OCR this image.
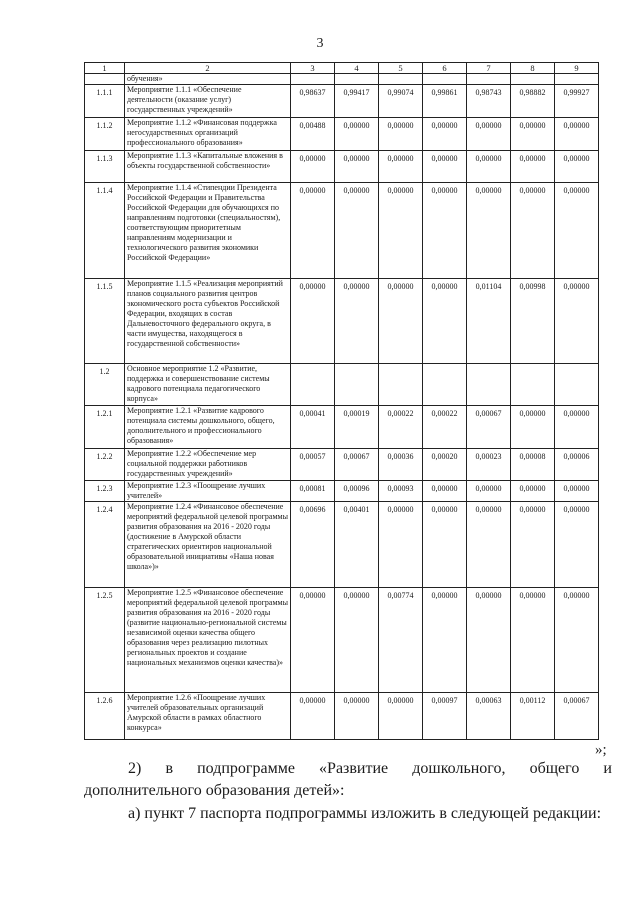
3
1	2	3	4	5	6	7	8	9
	обучения»							
1.1.1	Мероприятие 1.1.1 «Обеспечение деятельности (оказание услуг) государственных учреждений»	0,98637	0,99417	0,99074	0,99861	0,98743	0,98882	0,99927
1.1.2	Мероприятие 1.1.2 «Финансовая поддержка негосударственных организаций профессионального образования»	0,00488	0,00000	0,00000	0,00000	0,00000	0,00000	0,00000
1.1.3	Мероприятие 1.1.3 «Капитальные вложения в объекты государственной собственности»	0,00000	0,00000	0,00000	0,00000	0,00000	0,00000	0,00000
1.1.4	Мероприятие 1.1.4 «Стипендии Президента Российской Федерации и Правительства Российской Федерации для обучающихся по направлениям подготовки (специальностям), соответствующим приоритетным направлениям модернизации и технологического развития экономики Российской Федерации»	0,00000	0,00000	0,00000	0,00000	0,00000	0,00000	0,00000
1.1.5	Мероприятие 1.1.5 «Реализация мероприятий планов социального развития центров экономического роста субъектов Российской Федерации, входящих в состав Дальневосточного федерального округа, в части имущества, находящегося в государственной собственности»	0,00000	0,00000	0,00000	0,00000	0,01104	0,00998	0,00000
1.2	Основное мероприятие 1.2 «Развитие, поддержка и совершенствование системы кадрового потенциала педагогического корпуса»							
1.2.1	Мероприятие 1.2.1 «Развитие кадрового потенциала системы дошкольного, общего, дополнительного и профессионального образования»	0,00041	0,00019	0,00022	0,00022	0,00067	0,00000	0,00000
1.2.2	Мероприятие 1.2.2 «Обеспечение мер социальной поддержки работников государственных учреждений»	0,00057	0,00067	0,00036	0,00020	0,00023	0,00008	0,00006
1.2.3	Мероприятие 1.2.3 «Поощрение лучших учителей»	0,00081	0,00096	0,00093	0,00000	0,00000	0,00000	0,00000
1.2.4	Мероприятие 1.2.4 «Финансовое обеспечение мероприятий федеральной целевой программы развития образования на 2016 - 2020 годы (достижение в Амурской области стратегических ориентиров национальной образовательной инициативы «Наша новая школа»)»	0,00696	0,00401	0,00000	0,00000	0,00000	0,00000	0,00000
1.2.5	Мероприятие 1.2.5 «Финансовое обеспечение мероприятий федеральной целевой программы развития образования на 2016 - 2020 годы (развитие национально-региональной системы независимой оценки качества общего образования через реализацию пилотных региональных проектов и создание национальных механизмов оценки качества)»	0,00000	0,00000	0,00774	0,00000	0,00000	0,00000	0,00000
1.2.6	Мероприятие 1.2.6 «Поощрение лучших учителей образовательных организаций Амурской области в рамках областного конкурса»	0,00000	0,00000	0,00000	0,00097	0,00063	0,00112	0,00067
»;
2) в подпрограмме «Развитие дошкольного, общего и дополнительного образования детей»:
а) пункт 7 паспорта подпрограммы изложить в следующей редакции:
